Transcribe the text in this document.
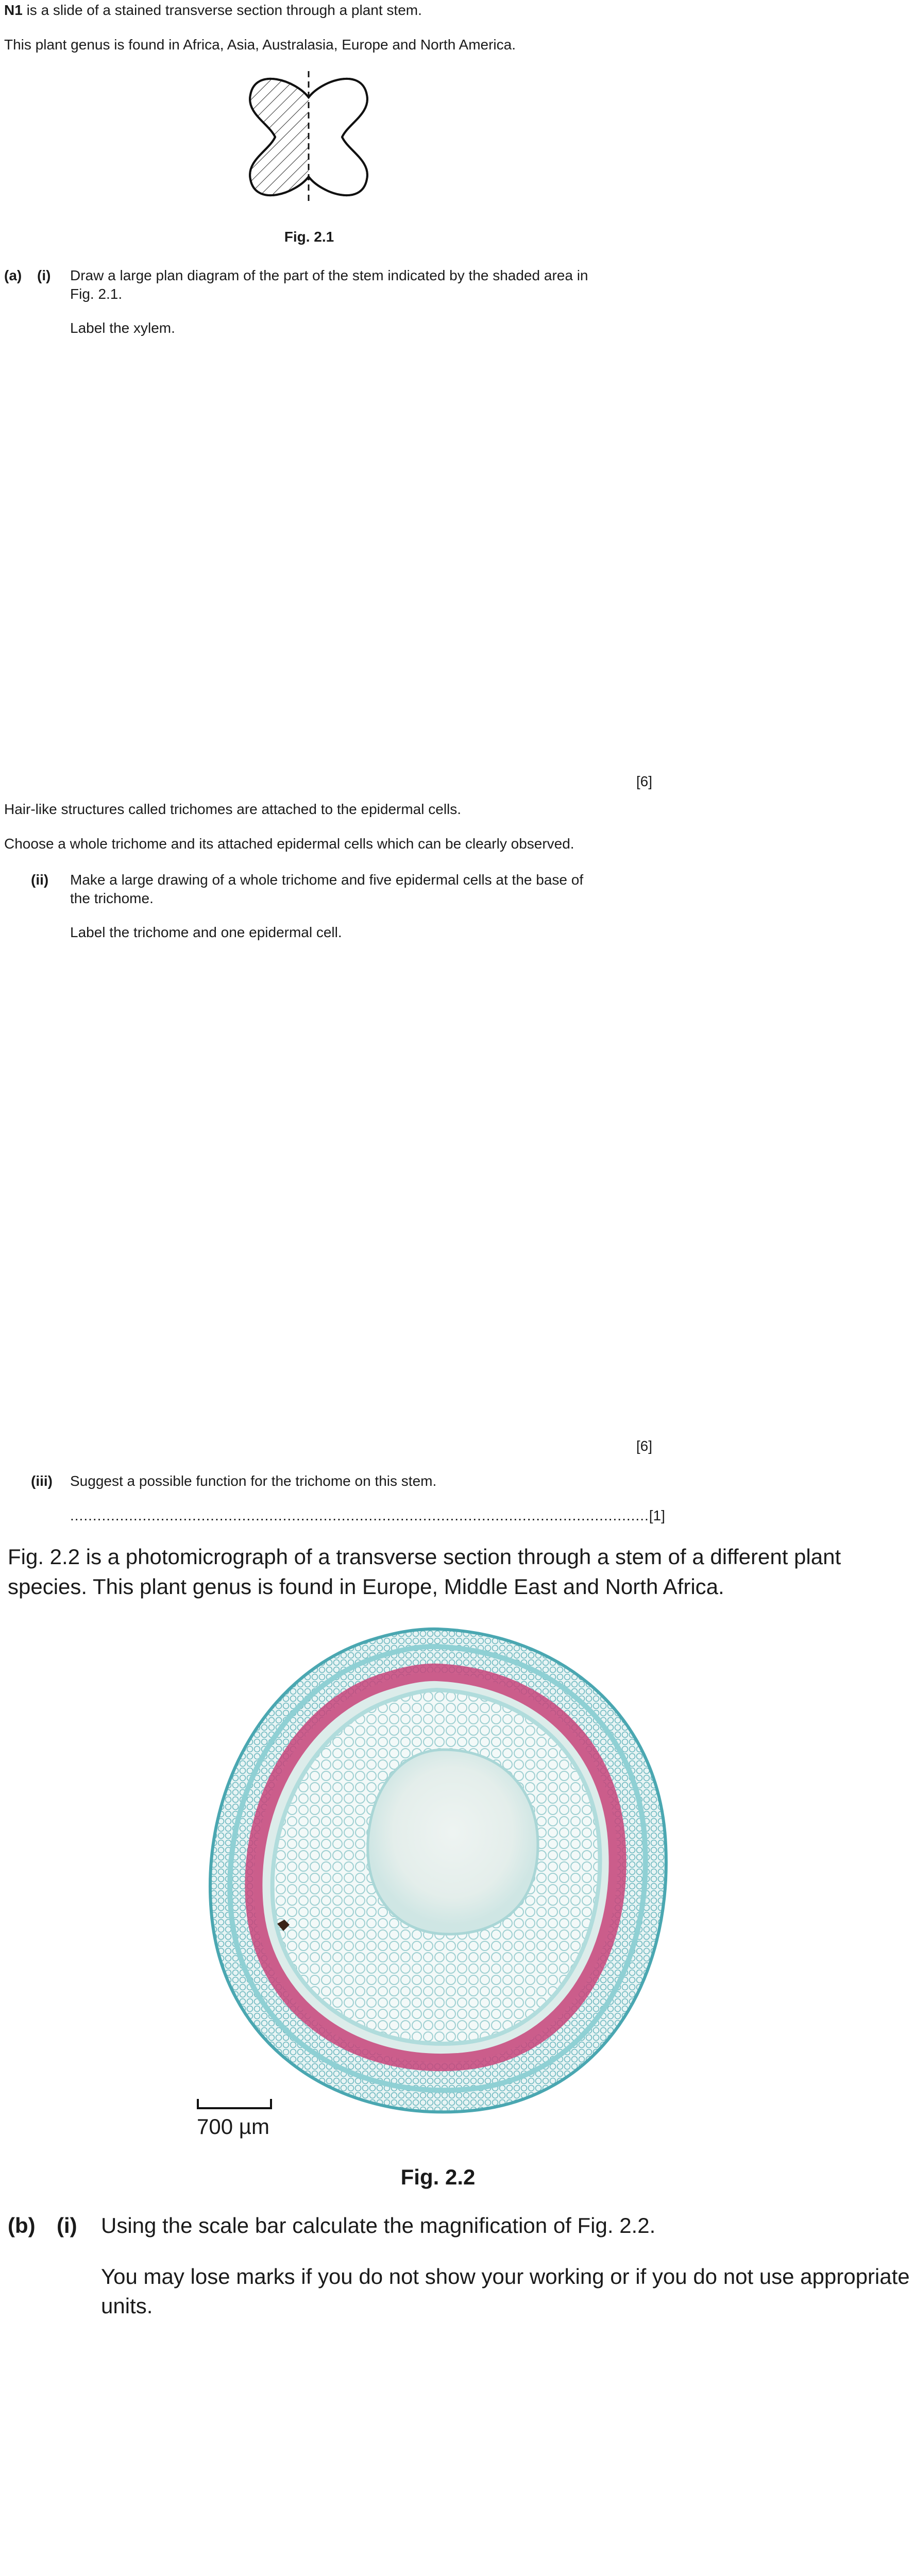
N1 is a slide of a stained transverse section through a plant stem.
This plant genus is found in Africa, Asia, Australasia, Europe and North America.
Fig. 2.1
(a) (i) Draw a large plan diagram of the part of the stem indicated by the shaded area in
Fig. 2.1.
Label the xylem.
[6]
Hair-like structures called trichomes are attached to the epidermal cells.
Choose a whole trichome and its attached epidermal cells which can be clearly observed.
(ii) Make a large drawing of a whole trichome and five epidermal cells at the base of
the trichome.
Label the trichome and one epidermal cell.
[6]
(iii) Suggest a possible function for the trichome on this stem.
................................................................................................................................[1]
Fig. 2.2 is a photomicrograph of a transverse section through a stem of a different plant
species. This plant genus is found in Europe, Middle East and North Africa.
700 µm
Fig. 2.2
(b) (i) Using the scale bar calculate the magnification of Fig. 2.2.
You may lose marks if you do not show your working or if you do not use appropriate
units.
